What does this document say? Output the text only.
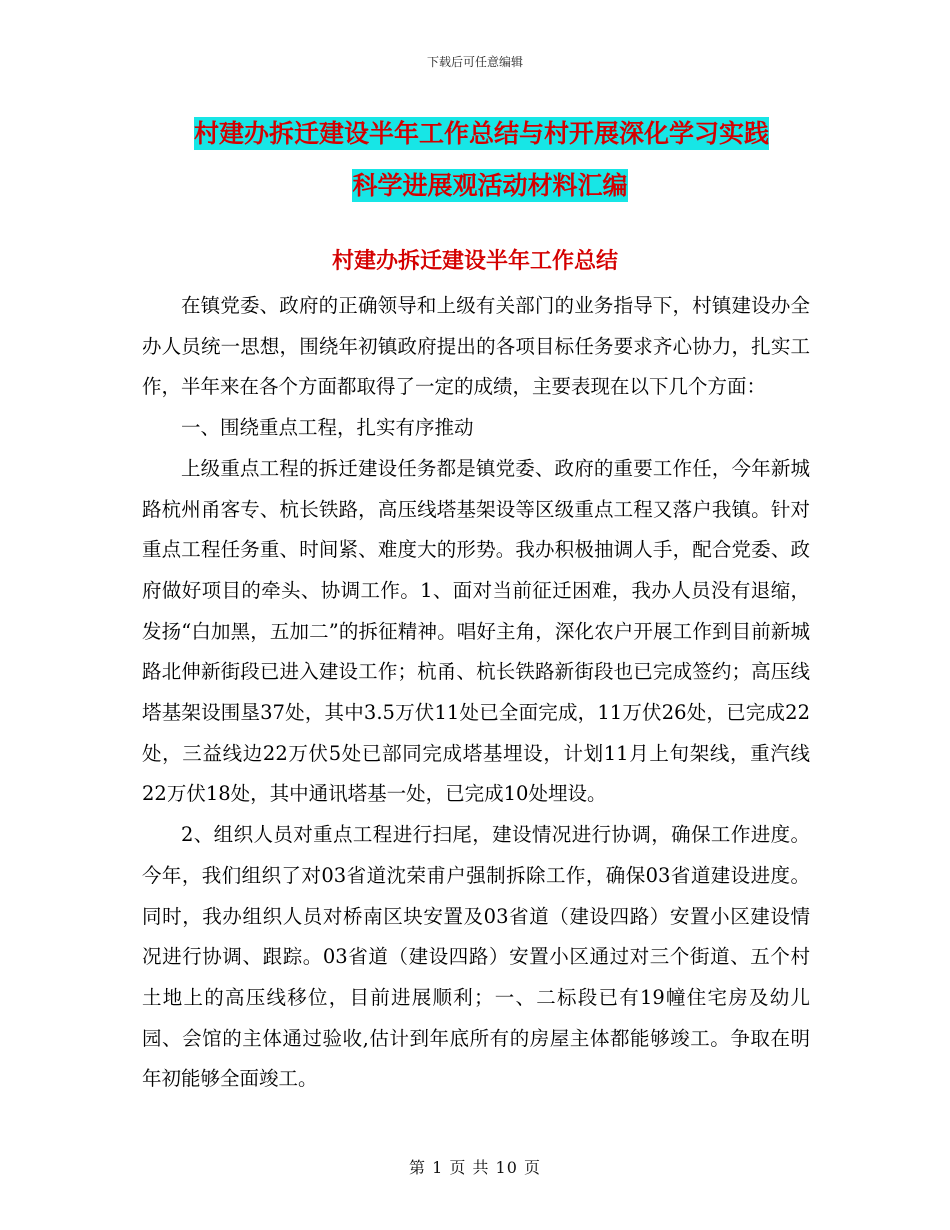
下载后可任意编辑
村建办拆迁建设半年工作总结与村开展深化学习实践
科学进展观活动材料汇编
村建办拆迁建设半年工作总结

在镇党委、政府的正确领导和上级有关部门的业务指导下，村镇建设办全办人员统一思想，围绕年初镇政府提出的各项目标任务要求齐心协力，扎实工作，半年来在各个方面都取得了一定的成绩，主要表现在以下几个方面：

一、围绕重点工程，扎实有序推动

上级重点工程的拆迁建设任务都是镇党委、政府的重要工作任，今年新城路杭州甬客专、杭长铁路，高压线塔基架设等区级重点工程又落户我镇。针对重点工程任务重、时间紧、难度大的形势。我办积极抽调人手，配合党委、政府做好项目的牵头、协调工作。1、面对当前征迁困难，我办人员没有退缩，发扬“白加黑，五加二”的拆征精神。唱好主角，深化农户开展工作到目前新城路北伸新街段已进入建设工作；杭甬、杭长铁路新街段也已完成签约；高压线塔基架设围垦37处，其中3.5万伏11处已全面完成，11万伏26处，已完成22处，三益线边22万伏5处已部同完成塔基埋设，计划11月上旬架线，重汽线22万伏18处，其中通讯塔基一处，已完成10处埋设。

2、组织人员对重点工程进行扫尾，建设情况进行协调，确保工作进度。今年，我们组织了对03省道沈荣甫户强制拆除工作，确保03省道建设进度。同时，我办组织人员对桥南区块安置及03省道（建设四路）安置小区建设情况进行协调、跟踪。03省道（建设四路）安置小区通过对三个街道、五个村土地上的高压线移位，目前进展顺利；一、二标段已有19幢住宅房及幼儿园、会馆的主体通过验收,估计到年底所有的房屋主体都能够竣工。争取在明年初能够全面竣工。

第 1 页 共 10 页
